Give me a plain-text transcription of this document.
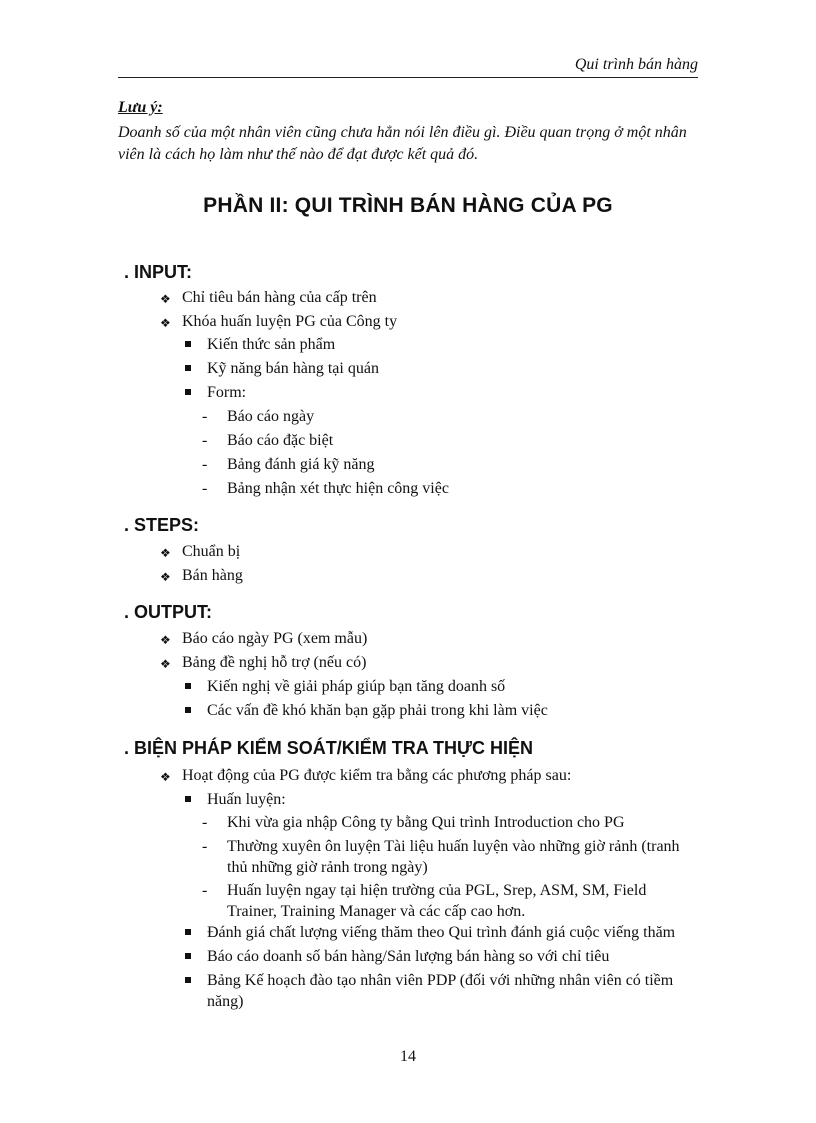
Qui trình bán hàng
Lưu ý:
Doanh số của một nhân viên cũng chưa hẳn nói lên điều gì. Điều quan trọng ở một nhân viên là cách họ làm như thế nào để đạt được kết quả đó.
PHẦN II: QUI TRÌNH BÁN HÀNG CỦA PG
. INPUT:
❖ Chỉ tiêu bán hàng của cấp trên
❖ Khóa huấn luyện PG của Công ty
Kiến thức sản phẩm
Kỹ năng bán hàng tại quán
Form:
- Báo cáo ngày
- Báo cáo đặc biệt
- Bảng đánh giá kỹ năng
- Bảng nhận xét thực hiện công việc
. STEPS:
❖ Chuẩn bị
❖ Bán hàng
. OUTPUT:
❖ Báo cáo ngày PG (xem mẫu)
❖ Bảng đề nghị hỗ trợ (nếu có)
Kiến nghị về giải pháp giúp bạn tăng doanh số
Các vấn đề khó khăn bạn gặp phải trong khi làm việc
. BIỆN PHÁP KIỂM SOÁT/KIỂM TRA THỰC HIỆN
❖ Hoạt động của PG được kiểm tra bằng các phương pháp sau:
Huấn luyện:
- Khi vừa gia nhập Công ty bằng Qui trình Introduction cho PG
- Thường xuyên ôn luyện Tài liệu huấn luyện vào những giờ rảnh (tranh thủ những giờ rảnh trong ngày)
- Huấn luyện ngay tại hiện trường của PGL, Srep, ASM, SM, Field Trainer, Training Manager và các cấp cao hơn.
Đánh giá chất lượng viếng thăm theo Qui trình đánh giá cuộc viếng thăm
Báo cáo doanh số bán hàng/Sản lượng bán hàng so với chỉ tiêu
Bảng Kế hoạch đào tạo nhân viên PDP (đối với những nhân viên có tiềm năng)
14
